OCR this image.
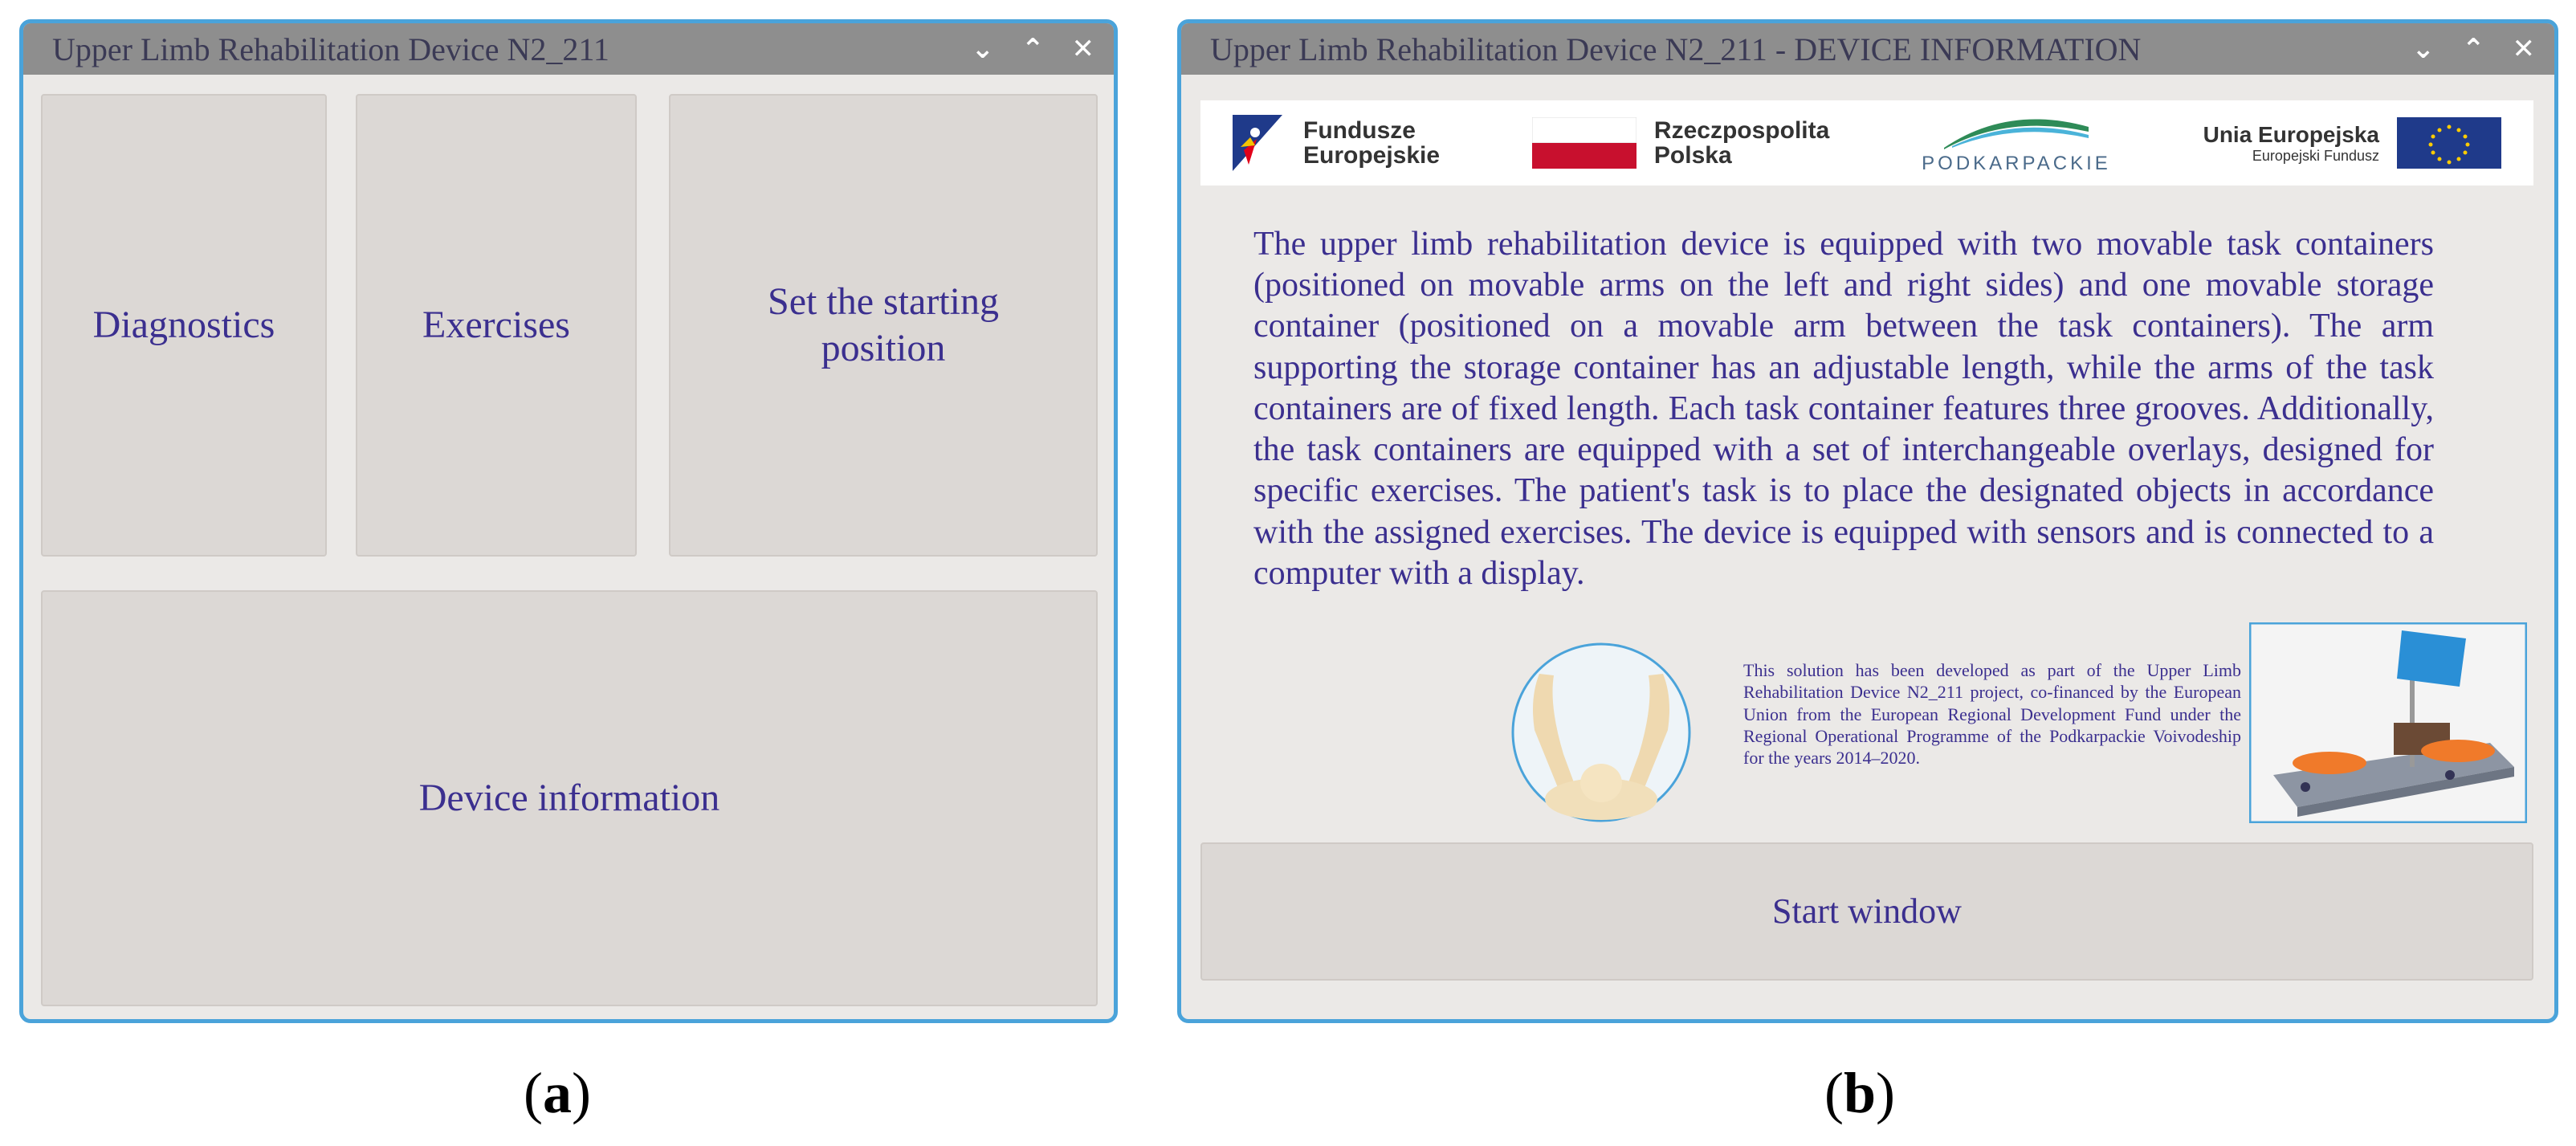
Upper Limb Rehabilitation Device N2_211	⌄ ⌃ ✕
Diagnostics	Exercises
Set the starting position
Device information
Upper Limb Rehabilitation Device N2_211 - DEVICE INFORMATION	⌄ ⌃ ✕
Fundusze
Europejskie
Rzeczpospolita
Polska	PODKARPACKIE
Unia Europejska
Europejski Fundusz
The upper limb rehabilitation device is equipped with two movable task containers (positioned on movable arms on the left and right sides) and one movable storage container (positioned on a movable arm between the task containers). The arm supporting the storage container has an adjustable length, while the arms of the task containers are of fixed length. Each task container features three grooves. Additionally, the task containers are equipped with a set of interchangeable overlays, designed for specific exercises. The patient's task is to place the designated objects in accordance with the assigned exercises. The device is equipped with sensors and is connected to a computer with a display.
This solution has been developed as part of the Upper Limb Rehabilitation Device N2_211 project, co-financed by the European Union from the European Regional Development Fund under the Regional Operational Programme of the Podkarpackie Voivodeship for the years 2014–2020.
Start window
(a)	(b)
